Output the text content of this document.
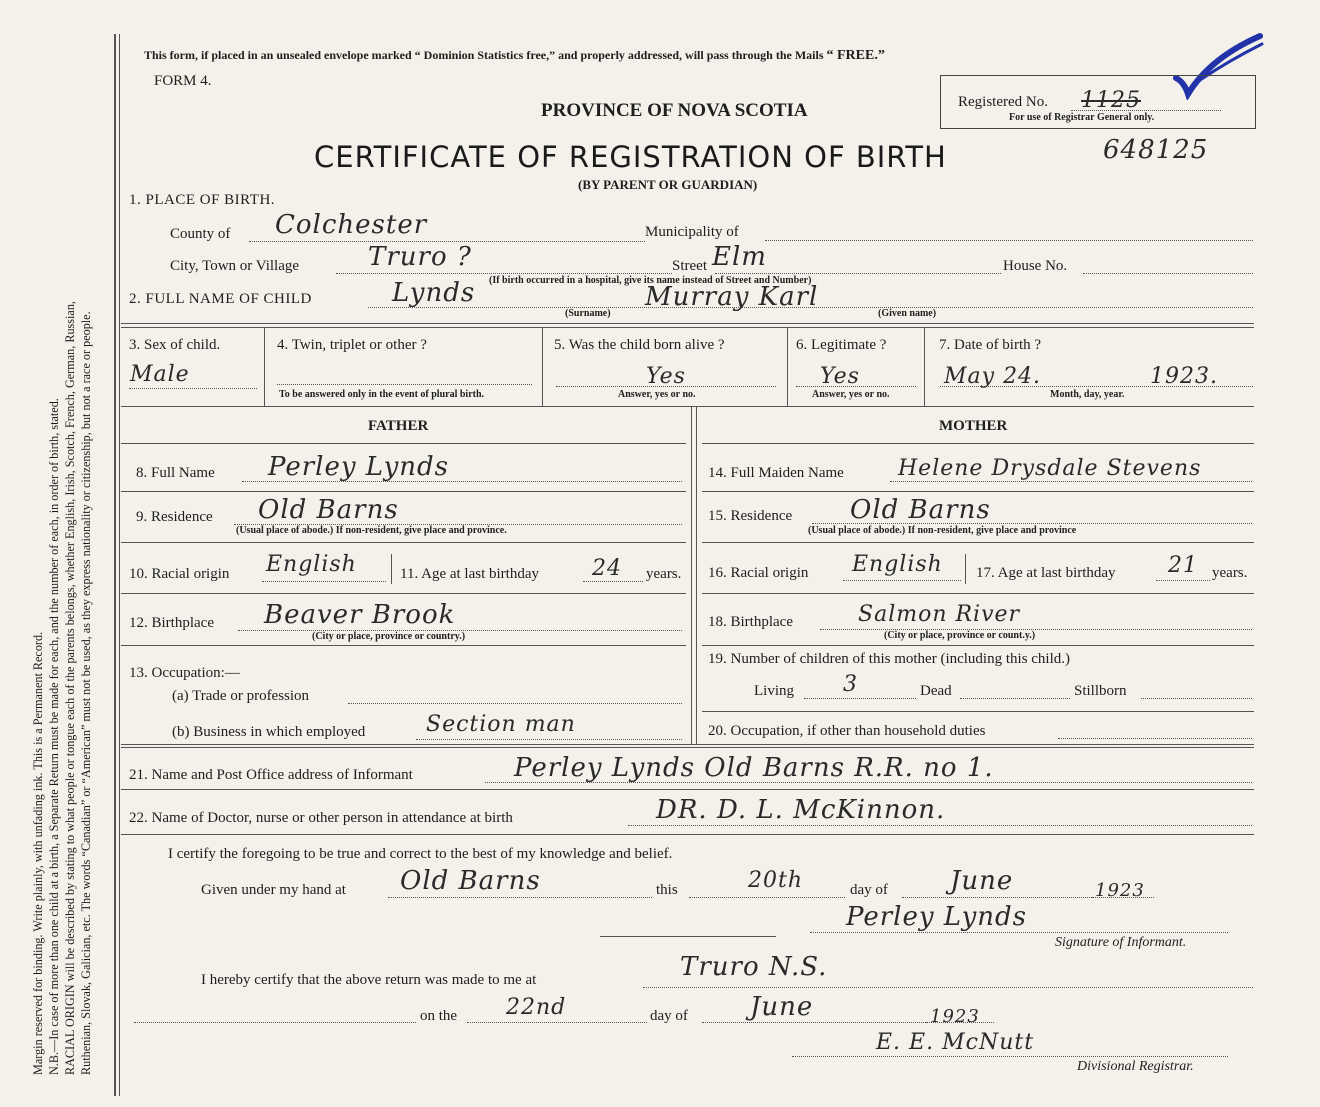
Margin reserved for binding. Write plainly, with unfading ink. This is a Permanent Record. N.B.—In case of more than one child at a birth, a Separate Return must be made for each, and the number of each, in order of birth, stated. RACIAL ORIGIN will be described by stating to what people or tongue each of the parents belongs, whether English, Irish, Scotch, French, German, Russian, Ruthenian, Slovak, Galician, etc. The words “Canadian” or “American” must not be used, as they express nationality or citizenship, but not a race or people.
This form, if placed in an unsealed envelope marked “ Dominion Statistics free,” and properly addressed, will pass through the Mails “ FREE.”
FORM 4.
PROVINCE OF NOVA SCOTIA
CERTIFICATE OF REGISTRATION OF BIRTH
(BY PARENT OR GUARDIAN)
648125
Registered No. 1125
For use of Registrar General only.
1. PLACE OF BIRTH.
County of Colchester	Municipality of
City, Town or Village	Truro ?	Street Elm	House No.
(If birth occurred in a hospital, give its name instead of Street and Number)
2. FULL NAME OF CHILD	Lynds	Murray Karl
(Surname)	(Given name)
3. Sex of child.
Male
4. Twin, triplet or other ?
To be answered only in the event of plural birth.
5. Was the child born alive ?
Yes
Answer, yes or no.
6. Legitimate ?
Yes
Answer, yes or no.
7. Date of birth ?
May 24.	1923.
Month, day, year.
FATHER	MOTHER
8. Full Name Perley Lynds	14. Full Maiden Name Helene Drysdale Stevens
9. Residence Old Barns
(Usual place of abode.) If non-resident, give place and province.
15. Residence Old Barns
(Usual place of abode.) If non-resident, give place and province
10. Racial origin English	11. Age at last birthday 24 years. 16. Racial origin English 17. Age at last birthday 21 years.
12. Birthplace Beaver Brook
(City or place, province or country.)
18. Birthplace	Salmon River
(City or place, province or count.y.)
13. Occupation:—
(a) Trade or profession
(b) Business in which employed	Section man
19. Number of children of this mother (including this child.)
Living 3	Dead	Stillborn
20. Occupation, if other than household duties
21. Name and Post Office address of Informant	Perley Lynds Old Barns R.R. no 1.
22. Name of Doctor, nurse or other person in attendance at birth	DR. D. L. McKinnon.
I certify the foregoing to be true and correct to the best of my knowledge and belief.
Given under my hand at Old Barns	this	20th	day of June	1923
Perley Lynds
Signature of Informant.
I hereby certify that the above return was made to me at	Truro N.S.
on the 22nd	day of June	1923
E. E. McNutt
Divisional Registrar.
